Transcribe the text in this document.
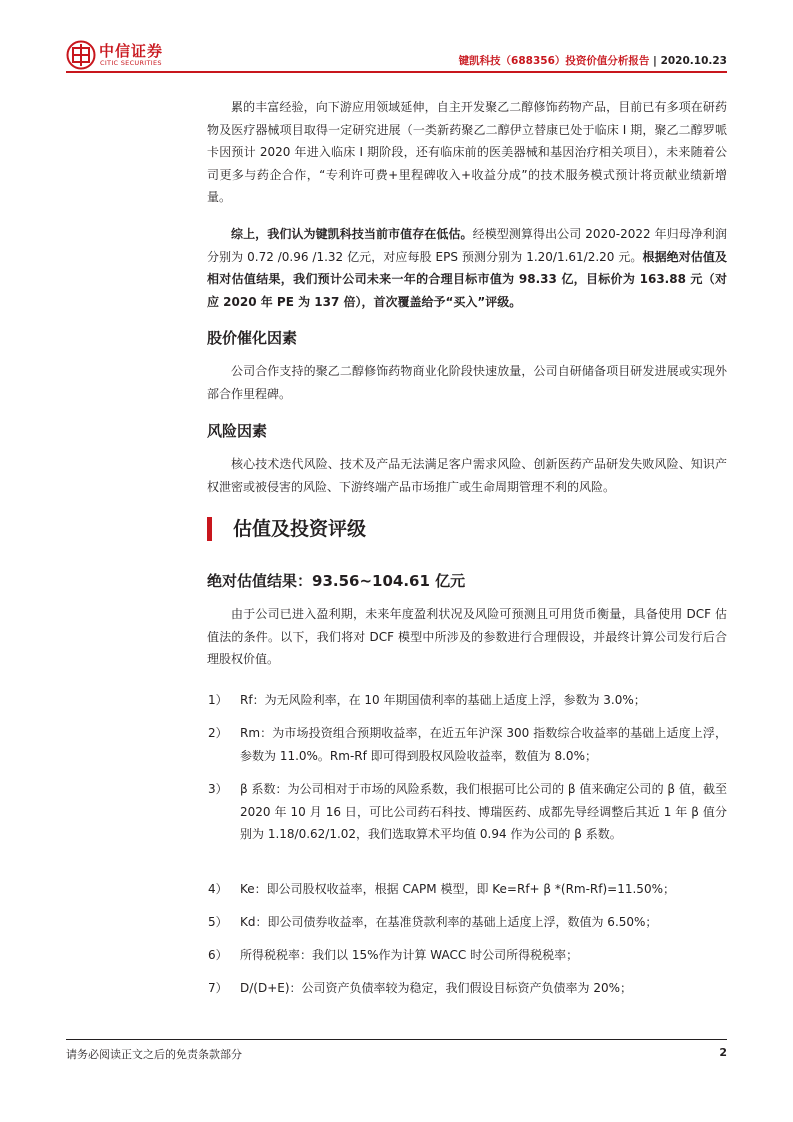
中信证券
CITIC SECURITIES	键凯科技（688356）投资价值分析报告 | 2020.10.23

累的丰富经验，向下游应用领域延伸，自主开发聚乙二醇修饰药物产品，目前已有多项在研药物及医疗器械项目取得一定研究进展（一类新药聚乙二醇伊立替康已处于临床 I 期，聚乙二醇罗哌卡因预计 2020 年进入临床 I 期阶段，还有临床前的医美器械和基因治疗相关项目），未来随着公司更多与药企合作，“专利许可费+里程碑收入+收益分成”的技术服务模式预计将贡献业绩新增量。

综上，我们认为键凯科技当前市值存在低估。经模型测算得出公司 2020-2022 年归母净利润分别为 0.72 /0.96 /1.32 亿元，对应每股 EPS 预测分别为 1.20/1.61/2.20 元。根据绝对估值及相对估值结果，我们预计公司未来一年的合理目标市值为 98.33 亿，目标价为 163.88 元（对应 2020 年 PE 为 137 倍），首次覆盖给予“买入”评级。

股价催化因素

公司合作支持的聚乙二醇修饰药物商业化阶段快速放量，公司自研储备项目研发进展或实现外部合作里程碑。

风险因素

核心技术迭代风险、技术及产品无法满足客户需求风险、创新医药产品研发失败风险、知识产权泄密或被侵害的风险、下游终端产品市场推广或生命周期管理不利的风险。

估值及投资评级
绝对估值结果：93.56~104.61 亿元

由于公司已进入盈利期，未来年度盈利状况及风险可预测且可用货币衡量，具备使用 DCF 估值法的条件。以下，我们将对 DCF 模型中所涉及的参数进行合理假设，并最终计算公司发行后合理股权价值。

1）	Rf：为无风险利率，在 10 年期国债利率的基础上适度上浮，参数为 3.0%；
2）	Rm：为市场投资组合预期收益率，在近五年沪深 300 指数综合收益率的基础上适度上浮，参数为 11.0%。Rm-Rf 即可得到股权风险收益率，数值为 8.0%；
3）	β 系数：为公司相对于市场的风险系数，我们根据可比公司的 β 值来确定公司的 β 值，截至 2020 年 10 月 16 日，可比公司药石科技、博瑞医药、成都先导经调整后其近 1 年 β 值分别为 1.18/0.62/1.02，我们选取算术平均值 0.94 作为公司的 β 系数。
4）	Ke：即公司股权收益率，根据 CAPM 模型，即 Ke=Rf+ β *(Rm-Rf)=11.50%；
5）	Kd：即公司债券收益率，在基准贷款利率的基础上适度上浮，数值为 6.50%；
6）	所得税税率：我们以 15%作为计算 WACC 时公司所得税税率；
7）	D/(D+E)：公司资产负债率较为稳定，我们假设目标资产负债率为 20%；
请务必阅读正文之后的免责条款部分	2
